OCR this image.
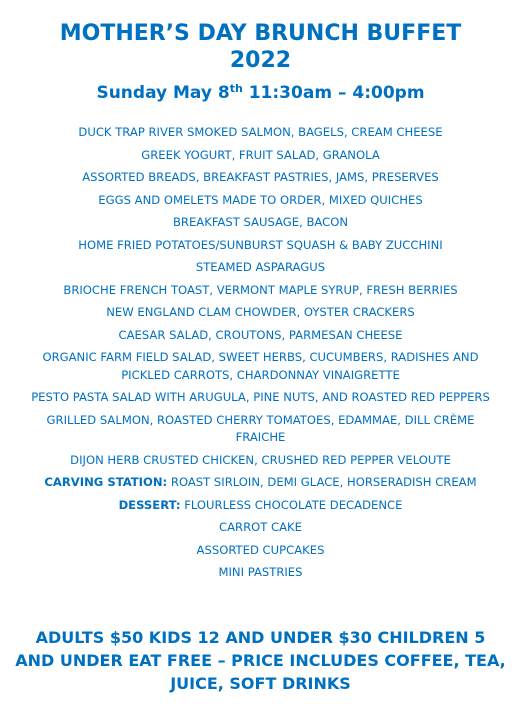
MOTHER’S DAY BRUNCH BUFFET
2022
Sunday May 8th 11:30am – 4:00pm
DUCK TRAP RIVER SMOKED SALMON, BAGELS, CREAM CHEESE
GREEK YOGURT, FRUIT SALAD, GRANOLA
ASSORTED BREADS, BREAKFAST PASTRIES, JAMS, PRESERVES
EGGS AND OMELETS MADE TO ORDER, MIXED QUICHES
BREAKFAST SAUSAGE, BACON
HOME FRIED POTATOES/SUNBURST SQUASH & BABY ZUCCHINI
STEAMED ASPARAGUS
BRIOCHE FRENCH TOAST, VERMONT MAPLE SYRUP, FRESH BERRIES
NEW ENGLAND CLAM CHOWDER, OYSTER CRACKERS
CAESAR SALAD, CROUTONS, PARMESAN CHEESE
ORGANIC FARM FIELD SALAD, SWEET HERBS, CUCUMBERS, RADISHES AND PICKLED CARROTS, CHARDONNAY VINAIGRETTE
PESTO PASTA SALAD WITH ARUGULA, PINE NUTS, AND ROASTED RED PEPPERS
GRILLED SALMON, ROASTED CHERRY TOMATOES, EDAMMAE, DILL CRÈME FRAICHE
DIJON HERB CRUSTED CHICKEN, CRUSHED RED PEPPER VELOUTE
CARVING STATION: ROAST SIRLOIN, DEMI GLACE, HORSERADISH CREAM
DESSERT: FLOURLESS CHOCOLATE DECADENCE
CARROT CAKE
ASSORTED CUPCAKES
MINI PASTRIES
ADULTS $50 KIDS 12 AND UNDER $30 CHILDREN 5 AND UNDER EAT FREE – PRICE INCLUDES COFFEE, TEA, JUICE, SOFT DRINKS
